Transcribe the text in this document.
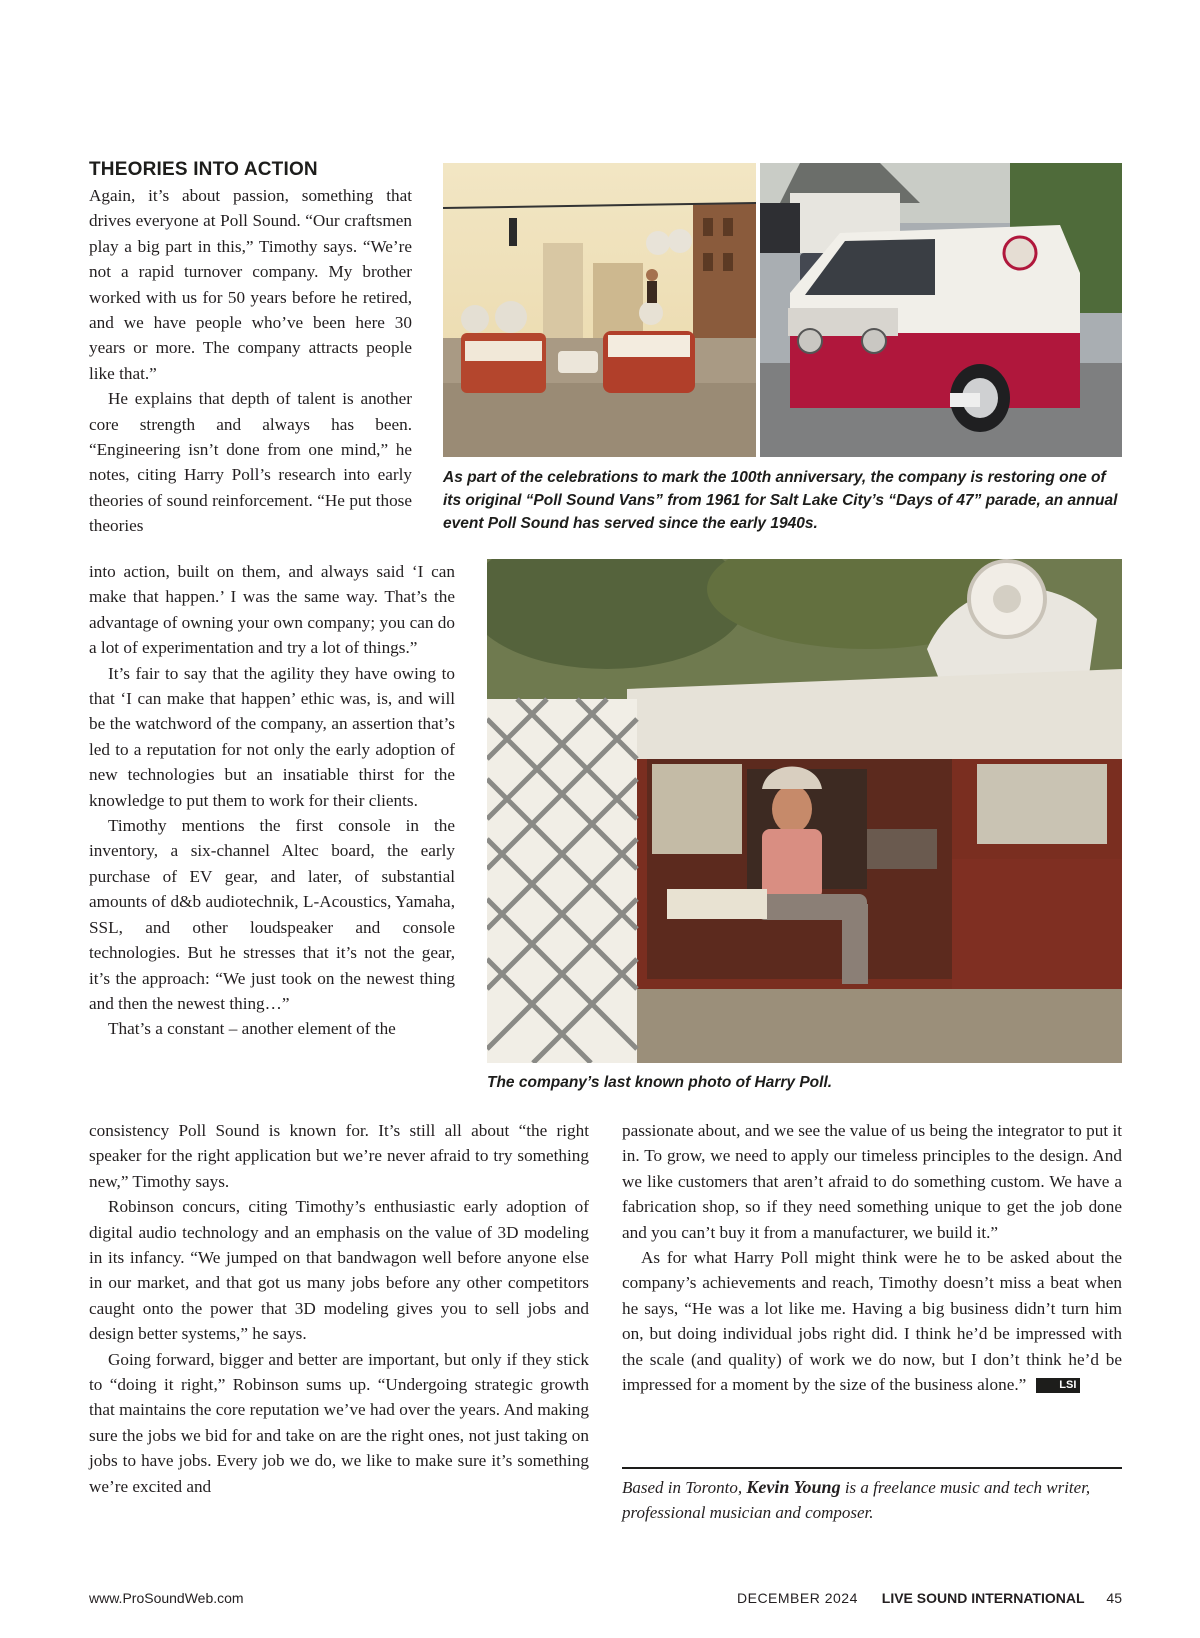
THEORIES INTO ACTION

Again, it’s about passion, something that drives everyone at Poll Sound. “Our craftsmen play a big part in this,” Timothy says. “We’re not a rapid turnover company. My brother worked with us for 50 years before he retired, and we have people who’ve been here 30 years or more. The company attracts people like that.”

He explains that depth of talent is another core strength and always has been. “Engineering isn’t done from one mind,” he notes, citing Harry Poll’s research into early theories of sound reinforcement. “He put those theories

into action, built on them, and always said ‘I can make that happen.’ I was the same way. That’s the advantage of owning your own company; you can do a lot of experimentation and try a lot of things.”

It’s fair to say that the agility they have owing to that ‘I can make that happen’ ethic was, is, and will be the watchword of the company, an assertion that’s led to a reputation for not only the early adoption of new technologies but an insatiable thirst for the knowledge to put them to work for their clients.

Timothy mentions the first console in the inventory, a six-channel Altec board, the early purchase of EV gear, and later, of substantial amounts of d&b audiotechnik, L-Acoustics, Yamaha, SSL, and other loudspeaker and console technologies. But he stresses that it’s not the gear, it’s the approach: “We just took on the newest thing and then the newest thing…”

That’s a constant – another element of the

consistency Poll Sound is known for. It’s still all about “the right speaker for the right application but we’re never afraid to try something new,” Timothy says.

Robinson concurs, citing Timothy’s enthusiastic early adoption of digital audio technology and an emphasis on the value of 3D modeling in its infancy. “We jumped on that bandwagon well before anyone else in our market, and that got us many jobs before any other competitors caught onto the power that 3D modeling gives you to sell jobs and design better systems,” he says.

Going forward, bigger and better are important, but only if they stick to “doing it right,” Robinson sums up. “Undergoing strategic growth that maintains the core reputation we’ve had over the years. And making sure the jobs we bid for and take on are the right ones, not just taking on jobs to have jobs. Every job we do, we like to make sure it’s something we’re excited and

passionate about, and we see the value of us being the integrator to put it in. To grow, we need to apply our timeless principles to the design. And we like customers that aren’t afraid to do something custom. We have a fabrication shop, so if they need something unique to get the job done and you can’t buy it from a manufacturer, we build it.”

As for what Harry Poll might think were he to be asked about the company’s achievements and reach, Timothy doesn’t miss a beat when he says, “He was a lot like me. Having a big business didn’t turn him on, but doing individual jobs right did. I think he’d be impressed with the scale (and quality) of work we do now, but I don’t think he’d be impressed for a moment by the size of the business alone.”	LSI

As part of the celebrations to mark the 100th anniversary, the company is restoring one of its original “Poll Sound Vans” from 1961 for Salt Lake City’s “Days of 47” parade, an annual event Poll Sound has served since the early 1940s.
The company’s last known photo of Harry Poll.
Based in Toronto, Kevin Young is a freelance music and tech writer, professional musician and composer.
www.ProSoundWeb.com	DECEMBER 2024 LIVE SOUND INTERNATIONAL 45
